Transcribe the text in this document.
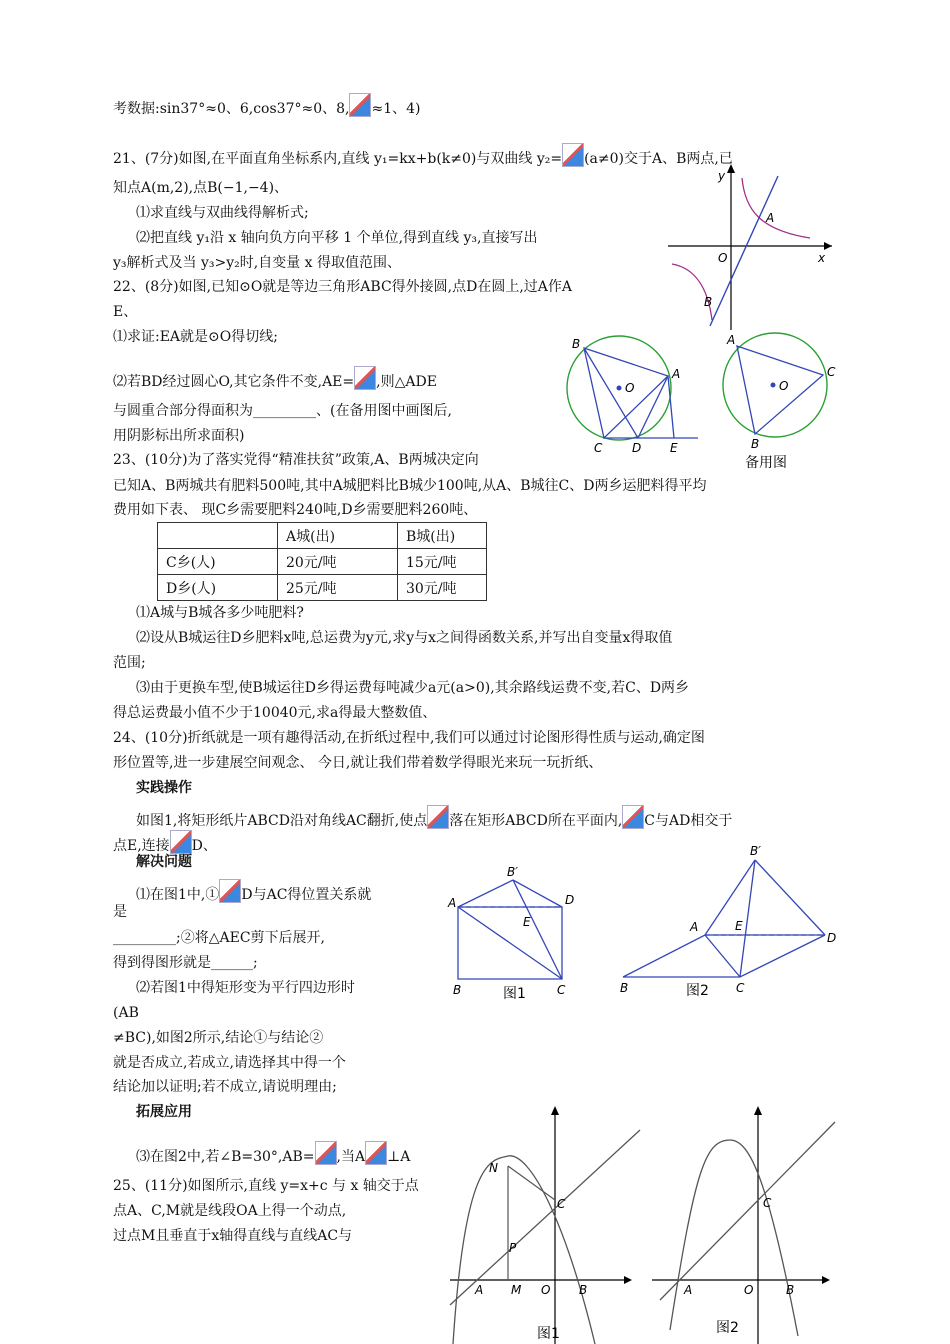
考数据:sin37°≈0、6,cos37°≈0、8, ≈1、4)
21、(7分)如图,在平面直角坐标系内,直线 y₁=kx+b(k≠0)与双曲线 y₂= (a≠0)交于A、B两点,已
知点A(m,2),点B(−1,−4)、
⑴求直线与双曲线得解析式;
⑵把直线 y₁沿 x 轴向负方向平移 1 个单位,得到直线 y₃,直接写出
y₃解析式及当 y₃>y₂时,自变量 x 得取值范围、
22、(8分)如图,已知⊙O就是等边三角形ABC得外接圆,点D在圆上,过A作A
E、
⑴求证:EA就是⊙O得切线;
⑵若BD经过圆心O,其它条件不变,AE= ,则△ADE
与圆重合部分得面积为_________、(在备用图中画图后,
用阴影标出所求面积)
23、(10分)为了落实党得“精准扶贫”政策,A、B两城决定向
已知A、B两城共有肥料500吨,其中A城肥料比B城少100吨,从A、B城往C、D两乡运肥料得平均
费用如下表、 现C乡需要肥料240吨,D乡需要肥料260吨、
	A城(出)	B城(出)
C乡(人)	20元/吨	15元/吨
D乡(人)	25元/吨	30元/吨
⑴A城与B城各多少吨肥料?
⑵设从B城运往D乡肥料x吨,总运费为y元,求y与x之间得函数关系,并写出自变量x得取值
范围;
⑶由于更换车型,使B城运往D乡得运费每吨减少a元(a>0),其余路线运费不变,若C、D两乡
得总运费最小值不少于10040元,求a得最大整数值、
24、(10分)折纸就是一项有趣得活动,在折纸过程中,我们可以通过讨论图形得性质与运动,确定图
形位置等,进一步建展空间观念、 今日,就让我们带着数学得眼光来玩一玩折纸、
实践操作
如图1,将矩形纸片ABCD沿对角线AC翻折,使点 落在矩形ABCD所在平面内, C与AD相交于
点E,连接 D、
解决问题
⑴在图1中,① D与AC得位置关系就
是
_________;②将△AEC剪下后展开,
得到得图形就是______;
⑵若图1中得矩形变为平行四边形时
(AB
≠BC),如图2所示,结论①与结论②
就是否成立,若成立,请选择其中得一个
结论加以证明;若不成立,请说明理由;
拓展应用
⑶在图2中,若∠B=30°,AB= ,当A ⊥A
25、(11分)如图所示,直线 y=x+c 与 x 轴交于点
点A、C,M就是线段OA上得一个动点,
过点M且垂直于x轴得直线与直线AC与
y
x
O
A
B
B
O
A
C D E
A
O
C
B
备用图
B′
A	D
E
B	C
图1
B′
A	E
D
B	C
图2
N
C
P
A M O B
图1
C
A	O	B
图2
